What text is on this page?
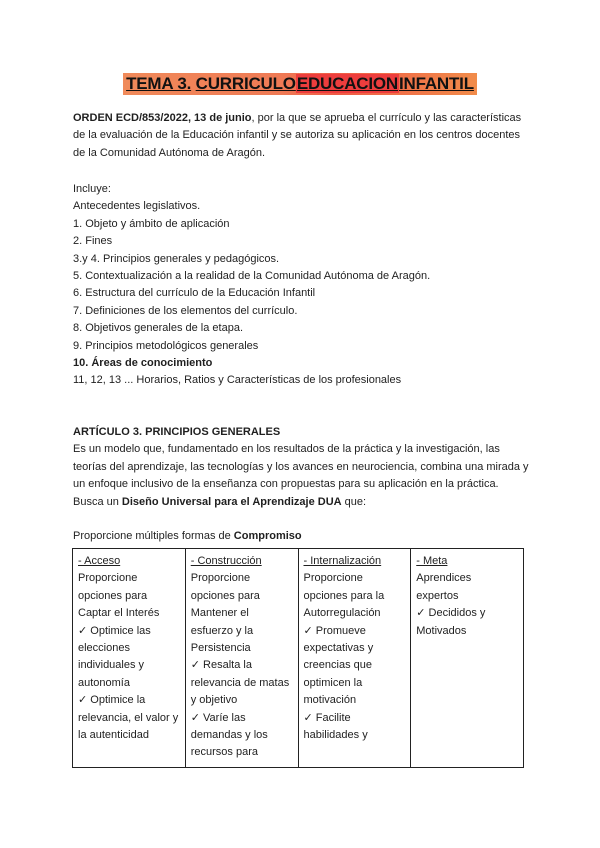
TEMA 3. CURRICULOEDUCACIONINFANTIL
ORDEN ECD/853/2022, 13 de junio, por la que se aprueba el currículo y las características
de la evaluación de la Educación infantil y se autoriza su aplicación en los centros docentes
de la Comunidad Autónoma de Aragón.
Incluye:
Antecedentes legislativos.
1. Objeto y ámbito de aplicación
2. Fines
3.y 4. Principios generales y pedagógicos.
5. Contextualización a la realidad de la Comunidad Autónoma de Aragón.
6. Estructura del currículo de la Educación Infantil
7. Definiciones de los elementos del currículo.
8. Objetivos generales de la etapa.
9. Principios metodológicos generales
10. Áreas de conocimiento
11, 12, 13 ... Horarios, Ratios y Características de los profesionales
ARTÍCULO 3. PRINCIPIOS GENERALES
Es un modelo que, fundamentado en los resultados de la práctica y la investigación, las
teorías del aprendizaje, las tecnologías y los avances en neurociencia, combina una mirada y
un enfoque inclusivo de la enseñanza con propuestas para su aplicación en la práctica.
Busca un Diseño Universal para el Aprendizaje DUA que:
Proporcione múltiples formas de Compromiso
- Acceso
Proporcione
opciones para
Captar el Interés
✓ Optimice las
elecciones
individuales y
autonomía
✓ Optimice la
relevancia, el valor y
la autenticidad

- Construcción
Proporcione
opciones para
Mantener el
esfuerzo y la
Persistencia
✓ Resalta la
relevancia de matas
y objetivo
✓ Varíe las
demandas y los
recursos para

- Internalización
Proporcione
opciones para la
Autorregulación
✓ Promueve
expectativas y
creencias que
optimicen la
motivación
✓ Facilite
habilidades y

- Meta
Aprendices
expertos
✓ Decididos y
Motivados
